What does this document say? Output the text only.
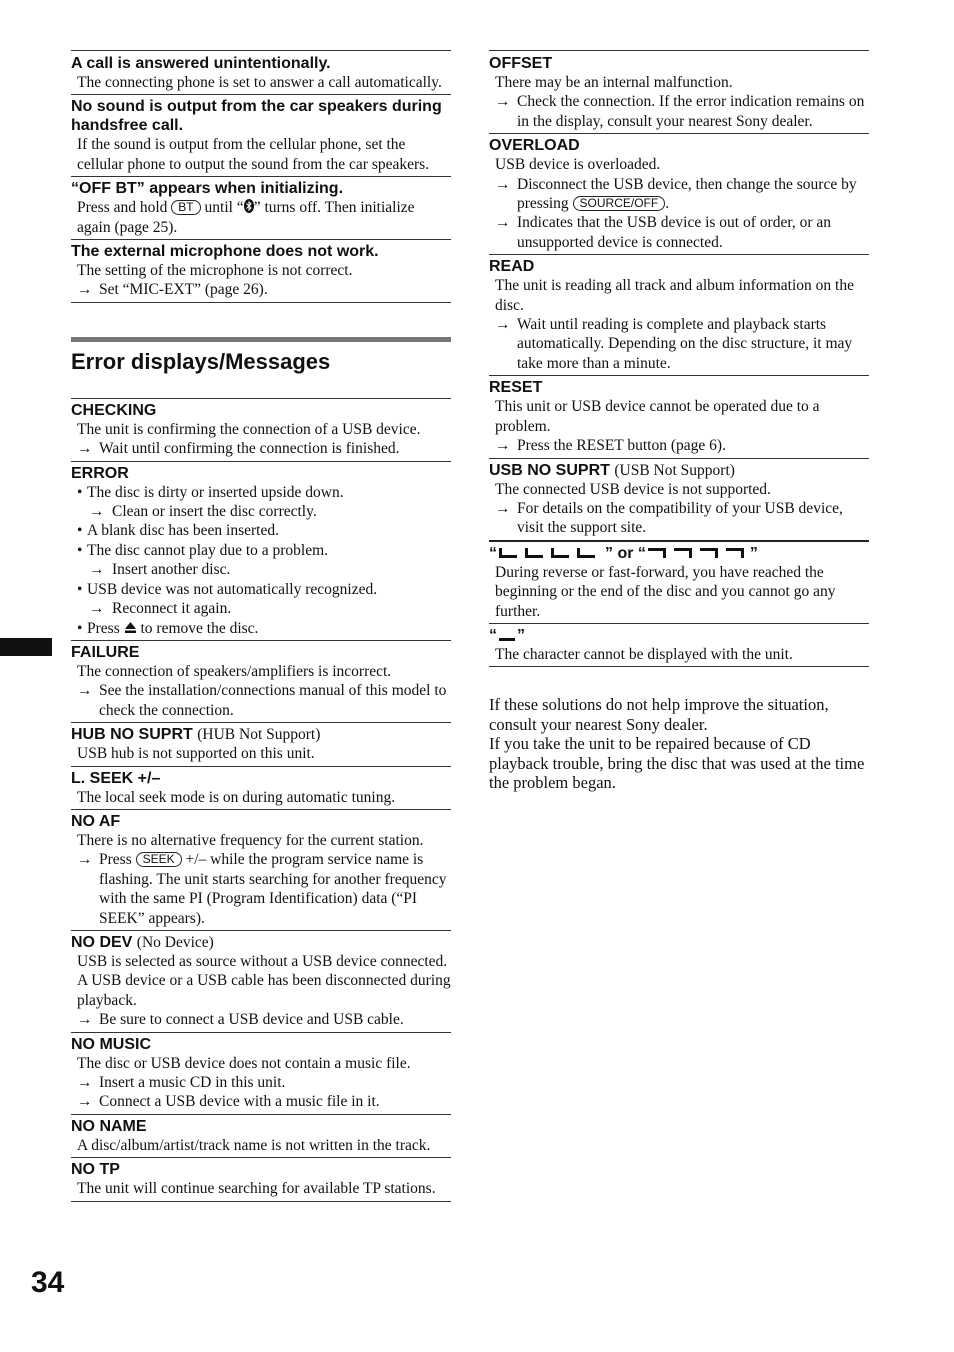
A call is answered unintentionally.
The connecting phone is set to answer a call automatically.
No sound is output from the car speakers during handsfree call.
If the sound is output from the cellular phone, set the cellular phone to output the sound from the car speakers.
“OFF BT” appears when initializing.
Press and hold BT until “ ” turns off. Then initialize again (page 25).
The external microphone does not work.
The setting of the microphone is not correct.
→ Set “MIC-EXT” (page 26).
Error displays/Messages
CHECKING
The unit is confirming the connection of a USB device.
→ Wait until confirming the connection is finished.
ERROR
• The disc is dirty or inserted upside down.
→ Clean or insert the disc correctly.
• A blank disc has been inserted.
• The disc cannot play due to a problem.
→ Insert another disc.
• USB device was not automatically recognized.
→ Reconnect it again.
• Press to remove the disc.
FAILURE
The connection of speakers/amplifiers is incorrect.
→ See the installation/connections manual of this model to check the connection.
HUB NO SUPRT (HUB Not Support)
USB hub is not supported on this unit.
L. SEEK +/–
The local seek mode is on during automatic tuning.
NO AF
There is no alternative frequency for the current station.
→ Press SEEK +/– while the program service name is flashing. The unit starts searching for another frequency with the same PI (Program Identification) data (“PI SEEK” appears).
NO DEV (No Device)
USB is selected as source without a USB device connected. A USB device or a USB cable has been disconnected during playback.
→ Be sure to connect a USB device and USB cable.
NO MUSIC
The disc or USB device does not contain a music file.
→ Insert a music CD in this unit.
→ Connect a USB device with a music file in it.
NO NAME
A disc/album/artist/track name is not written in the track.
NO TP
The unit will continue searching for available TP stations.
OFFSET
There may be an internal malfunction.
→ Check the connection. If the error indication remains on in the display, consult your nearest Sony dealer.
OVERLOAD
USB device is overloaded.
→ Disconnect the USB device, then change the source by pressing SOURCE/OFF .
→ Indicates that the USB device is out of order, or an unsupported device is connected.
READ
The unit is reading all track and album information on the disc.
→ Wait until reading is complete and playback starts automatically. Depending on the disc structure, it may take more than a minute.
RESET
This unit or USB device cannot be operated due to a problem.
→ Press the RESET button (page 6).
USB NO SUPRT (USB Not Support)
The connected USB device is not supported.
→ For details on the compatibility of your USB device, visit the support site.
“	” or “	”
During reverse or fast-forward, you have reached the beginning or the end of the disc and you cannot go any further.
“ ”
The character cannot be displayed with the unit.
If these solutions do not help improve the situation, consult your nearest Sony dealer.
If you take the unit to be repaired because of CD playback trouble, bring the disc that was used at the time the problem began.
34
